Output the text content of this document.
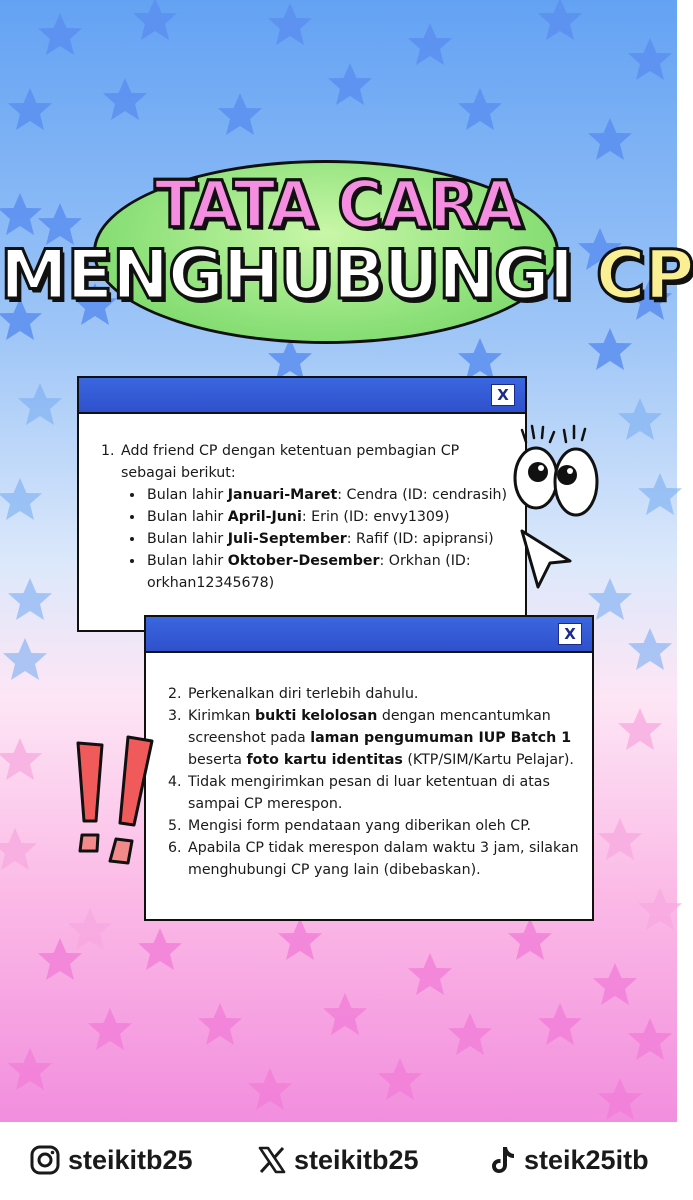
TATA CARA
MENGHUBUNGI CP
X
1. Add friend CP dengan ketentuan pembagian CP sebagai berikut:
• Bulan lahir Januari-Maret: Cendra (ID: cendrasih)
• Bulan lahir April-Juni: Erin (ID: envy1309)
• Bulan lahir Juli-September: Rafif (ID: apipransi)
• Bulan lahir Oktober-Desember: Orkhan (ID: orkhan12345678)
X
2. Perkenalkan diri terlebih dahulu.
3. Kirimkan bukti kelolosan dengan mencantumkan screenshot pada laman pengumuman IUP Batch 1 beserta foto kartu identitas (KTP/SIM/Kartu Pelajar).
4. Tidak mengirimkan pesan di luar ketentuan di atas sampai CP merespon.
5. Mengisi form pendataan yang diberikan oleh CP.
6. Apabila CP tidak merespon dalam waktu 3 jam, silakan menghubungi CP yang lain (dibebaskan).
steikitb25	steikitb25	steik25itb
